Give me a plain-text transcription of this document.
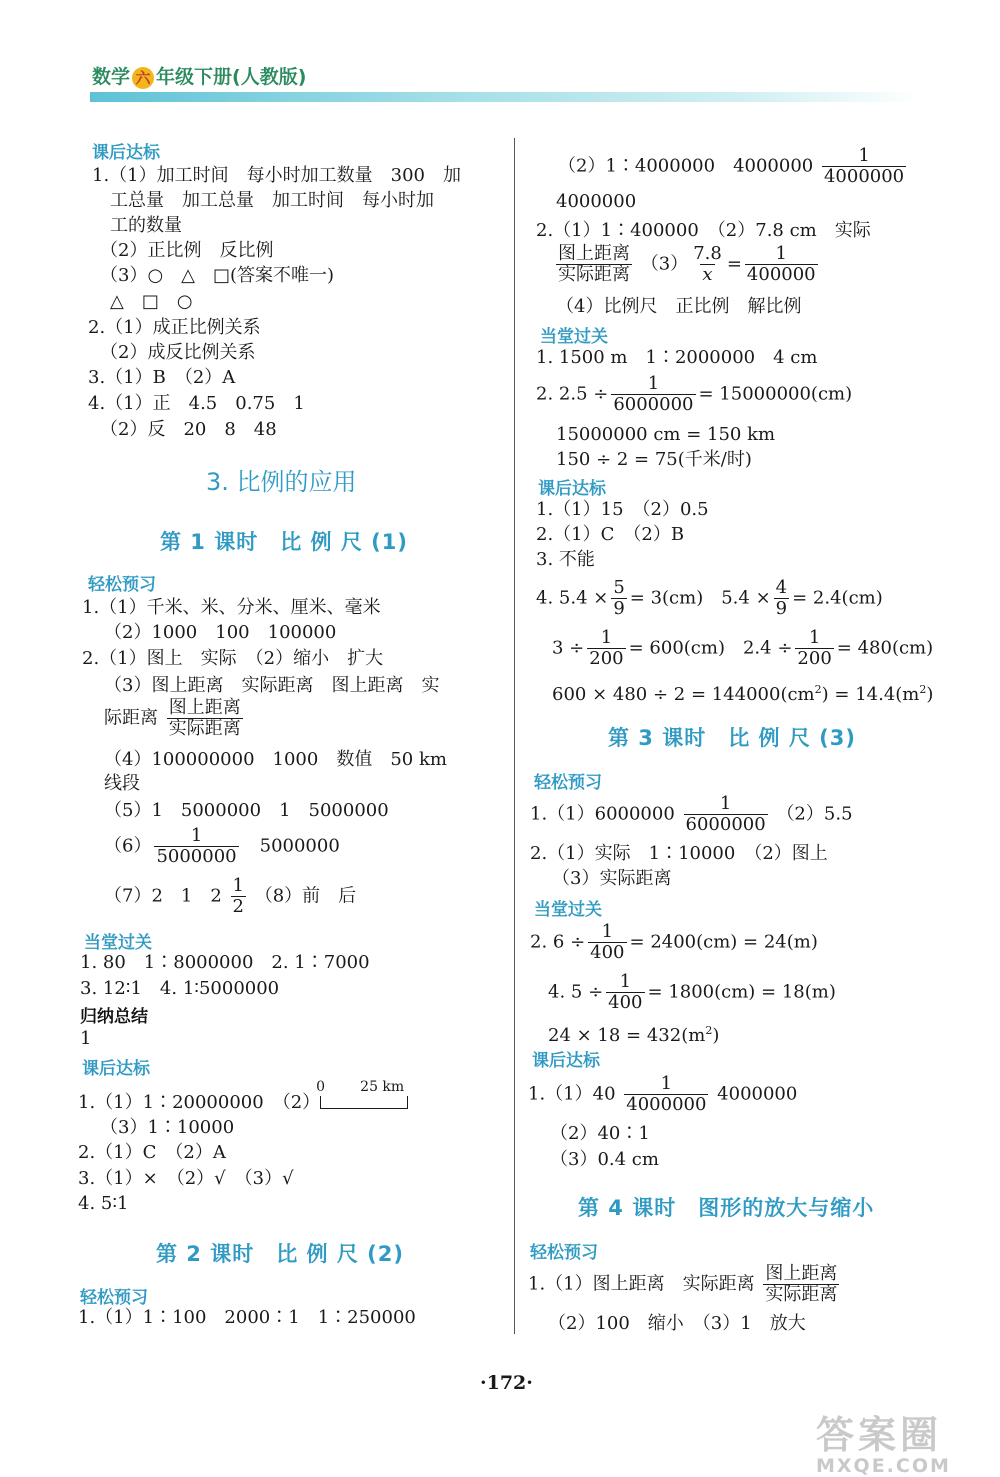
数学 六 年级下册(人教版)
课后达标
1.（1）加工时间　每小时加工数量　300　加
工总量　加工总量　加工时间　每小时加
工的数量
（2）正比例　反比例
（3）○　△　□(答案不唯一)
△　□　○
2.（1）成正比例关系
（2）成反比例关系
3.（1）B　（2）A
4.（1）正　4.5　0.75　1
（2）反　20　8　48
3. 比例的应用
第 1 课时　比 例 尺 (1)
轻松预习
1.（1）千米、米、分米、厘米、毫米
（2）1000　100　100000
2.（1）图上　实际　（2）缩小　扩大
（3）图上距离　实际距离　图上距离　实
际距离 图上距离
实际距离
（4）100000000　1000　数值　50 km
线段
（5）1　5000000　1　5000000
$(6) \frac{1}{5000000}$
　 5000000
（7）2　1　$2 \frac{1}{2} (8)$前　后
当堂过关
1. 80　1∶8000000　2. 1∶7000
3. 12∶1　4. 1∶5000000
归纳总结
1
课后达标
1.（1）1∶20000000　（2）
0	25 km
（3）1∶10000
2.（1）C　（2）A
3.（1）×　（2）√　（3）√
4. 5∶1
第 2 课时　比 例 尺 (2)
轻松预习
1.（1）1∶100　2000∶1　1∶250000
（2）1∶4000000　$4000000 \frac{1}{4000000}$
4000000
2.（1）1∶400000　（2）7.8 cm　实际
图上距离
实际距离 $(3) \frac{7.8}{x} = \frac{1}{400000}$
（4）比例尺　正比例　解比例
当堂过关
1. 1500 m　1∶2000000　4 cm
2. $2.5 \div \frac{1}{6000000} = 15000000(cm)$
15000000 cm = 150 km
150 ÷ 2 = 75(千米/时)
课后达标
1.（1）15　（2）0.5
2.（1）C　（2）B
3. 不能
4. $5.4 \times \frac{5}{9} = 3(cm)$　$5.4 \times \frac{4}{9} = 2.4(cm)$
$3 \div \frac{1}{200} = 600(cm)$　$2.4 \div \frac{1}{200} = 480(cm)$
$600 \times 480 \div 2 = 144000(cm^2) = 14.4(m^2)$
第 3 课时　比 例 尺 (3)
轻松预习
$1.(1)6000000 \frac{1}{6000000} (2)5.5$
2.（1）实际　1∶10000　（2）图上
（3）实际距离
当堂过关
2. $6 \div \frac{1}{400} = 2400(cm) = 24(m)$
4. $5 \div \frac{1}{400} = 1800(cm) = 18(m)$
$24 \times 18 = 432(m^2)$
课后达标
$1.(1)40 \frac{1}{4000000} 4000000$
（2）40∶1
（3）0.4 cm
第 4 课时　图形的放大与缩小
轻松预习
1.（1）图上距离　实际距离 图上距离
实际距离
（2）100　缩小　（3）1　放大
·172·
答案圈
MXQE.COM
